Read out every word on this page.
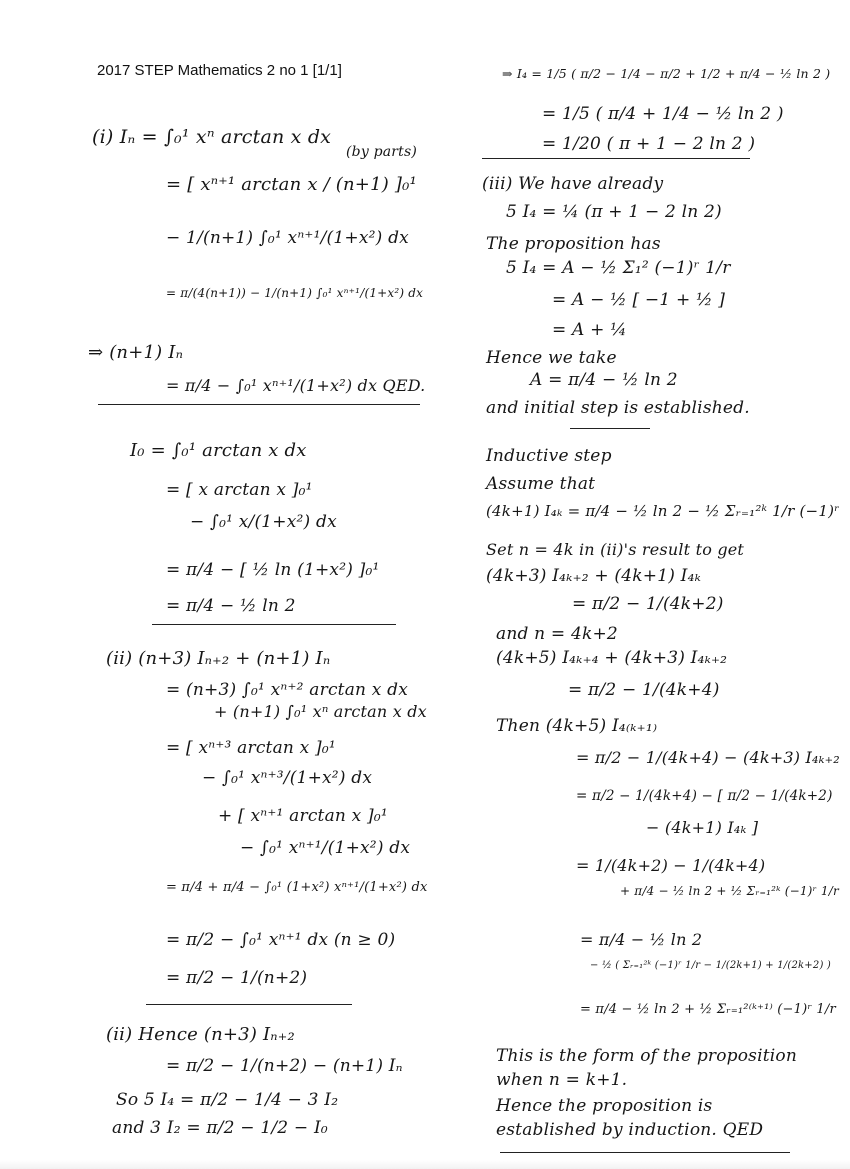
2017 STEP Mathematics 2 no 1 [1/1]
(i) Iₙ = ∫₀¹ xⁿ arctan x dx
(by parts)
= [ xⁿ⁺¹ arctan x / (n+1) ]₀¹
− 1/(n+1) ∫₀¹ xⁿ⁺¹/(1+x²) dx
= π/(4(n+1)) − 1/(n+1) ∫₀¹ xⁿ⁺¹/(1+x²) dx
⇒ (n+1) Iₙ
= π/4 − ∫₀¹ xⁿ⁺¹/(1+x²) dx QED.
I₀ = ∫₀¹ arctan x dx
= [ x arctan x ]₀¹
− ∫₀¹ x/(1+x²) dx
= π/4 − [ ½ ln (1+x²) ]₀¹
= π/4 − ½ ln 2
(ii) (n+3) Iₙ₊₂ + (n+1) Iₙ
= (n+3) ∫₀¹ xⁿ⁺² arctan x dx
+ (n+1) ∫₀¹ xⁿ arctan x dx
= [ xⁿ⁺³ arctan x ]₀¹
− ∫₀¹ xⁿ⁺³/(1+x²) dx
+ [ xⁿ⁺¹ arctan x ]₀¹
− ∫₀¹ xⁿ⁺¹/(1+x²) dx
= π/4 + π/4 − ∫₀¹ (1+x²) xⁿ⁺¹/(1+x²) dx
= π/2 − ∫₀¹ xⁿ⁺¹ dx (n ≥ 0)
= π/2 − 1/(n+2)
(ii) Hence (n+3) Iₙ₊₂
= π/2 − 1/(n+2) − (n+1) Iₙ
So 5 I₄ = π/2 − 1/4 − 3 I₂
and 3 I₂ = π/2 − 1/2 − I₀
⇒ I₄ = 1/5 ( π/2 − 1/4 − π/2 + 1/2 + π/4 − ½ ln 2 )
= 1/5 ( π/4 + 1/4 − ½ ln 2 )
= 1/20 ( π + 1 − 2 ln 2 )
(iii) We have already
5 I₄ = ¼ (π + 1 − 2 ln 2)
The proposition has
5 I₄ = A − ½ Σ₁² (−1)ʳ 1/r
= A − ½ [ −1 + ½ ]
= A + ¼
Hence we take
A = π/4 − ½ ln 2
and initial step is established.
Inductive step
Assume that
(4k+1) I₄ₖ = π/4 − ½ ln 2 − ½ Σᵣ₌₁²ᵏ 1/r (−1)ʳ
Set n = 4k in (ii)'s result to get
(4k+3) I₄ₖ₊₂ + (4k+1) I₄ₖ
= π/2 − 1/(4k+2)
and n = 4k+2
(4k+5) I₄ₖ₊₄ + (4k+3) I₄ₖ₊₂
= π/2 − 1/(4k+4)
Then (4k+5) I₄₍ₖ₊₁₎
= π/2 − 1/(4k+4) − (4k+3) I₄ₖ₊₂
= π/2 − 1/(4k+4) − [ π/2 − 1/(4k+2)
− (4k+1) I₄ₖ ]
= 1/(4k+2) − 1/(4k+4)
+ π/4 − ½ ln 2 + ½ Σᵣ₌₁²ᵏ (−1)ʳ 1/r
= π/4 − ½ ln 2
− ½ ( Σᵣ₌₁²ᵏ (−1)ʳ 1/r − 1/(2k+1) + 1/(2k+2) )
= π/4 − ½ ln 2 + ½ Σᵣ₌₁²⁽ᵏ⁺¹⁾ (−1)ʳ 1/r
This is the form of the proposition
when n = k+1.
Hence the proposition is
established by induction. QED
